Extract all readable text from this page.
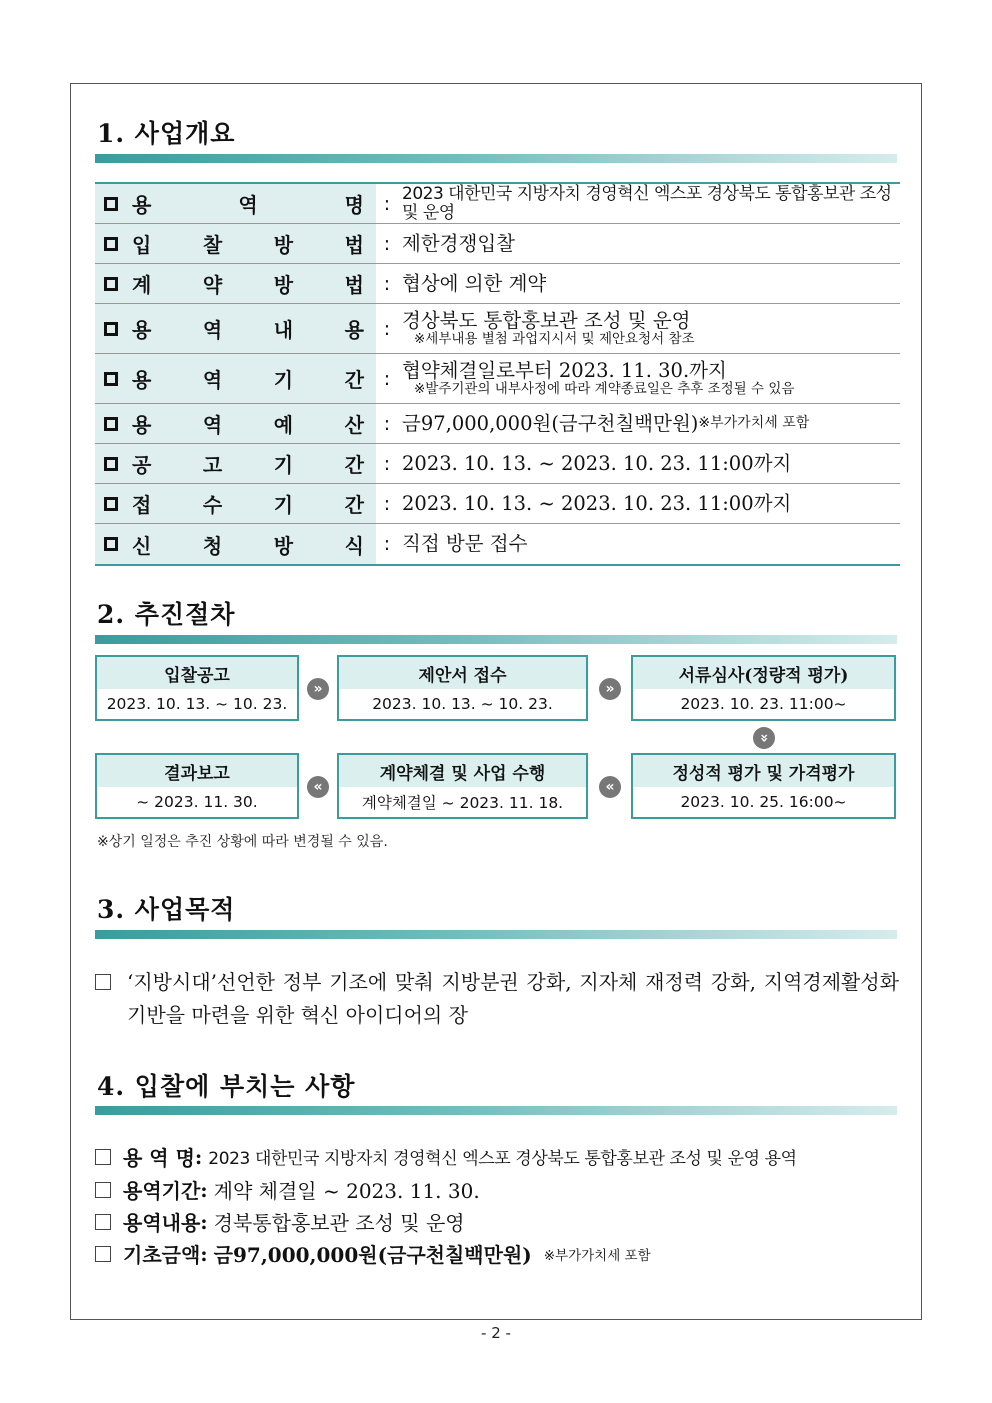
1. 사업개요
용	역	명	: 2023 대한민국 지방자치 경영혁신 엑스포 경상북도 통합홍보관 조성 및 운영
입	찰	방	법	: 제한경쟁입찰
계	약	방	법	: 협상에 의한 계약
용	역	내	용	: 경상북도 통합홍보관 조성 및 운영
※세부내용 별첨 과업지시서 및 제안요청서 참조
용	역	기	간	: 협약체결일로부터 2023. 11. 30.까지
※발주기관의 내부사정에 따라 계약종료일은 추후 조정될 수 있음
용	역	예	산	: 금97,000,000원(금구천칠백만원) ※부가가치세 포함
공	고	기	간	: 2023. 10. 13. ~ 2023. 10. 23. 11:00까지
접	수	기	간	: 2023. 10. 13. ~ 2023. 10. 23. 11:00까지
신	청	방	식	: 직접 방문 접수
2. 추진절차
입찰공고
2023. 10. 13. ~ 10. 23.
»
제안서 접수
2023. 10. 13. ~ 10. 23.
»
서류심사(정량적 평가)
2023. 10. 23. 11:00~
»
결과보고
~ 2023. 11. 30.
«
계약체결 및 사업 수행
계약체결일 ~ 2023. 11. 18.
«
정성적 평가 및 가격평가
2023. 10. 25. 16:00~
※상기 일정은 추진 상황에 따라 변경될 수 있음.
3. 사업목적
‘지방시대’선언한 정부 기조에 맞춰 지방분권 강화, 지자체 재정력 강화, 지역경제활성화 기반을 마련을 위한 혁신 아이디어의 장
4. 입찰에 부치는 사항
용 역 명 : 2023 대한민국 지방자치 경영혁신 엑스포 경상북도 통합홍보관 조성 및 운영 용역
용역기간 : 계약 체결일 ~ 2023. 11. 30.
용역내용 : 경북통합홍보관 조성 및 운영
기초금액 : 금97,000,000원(금구천칠백만원) ※부가가치세 포함
- 2 -
